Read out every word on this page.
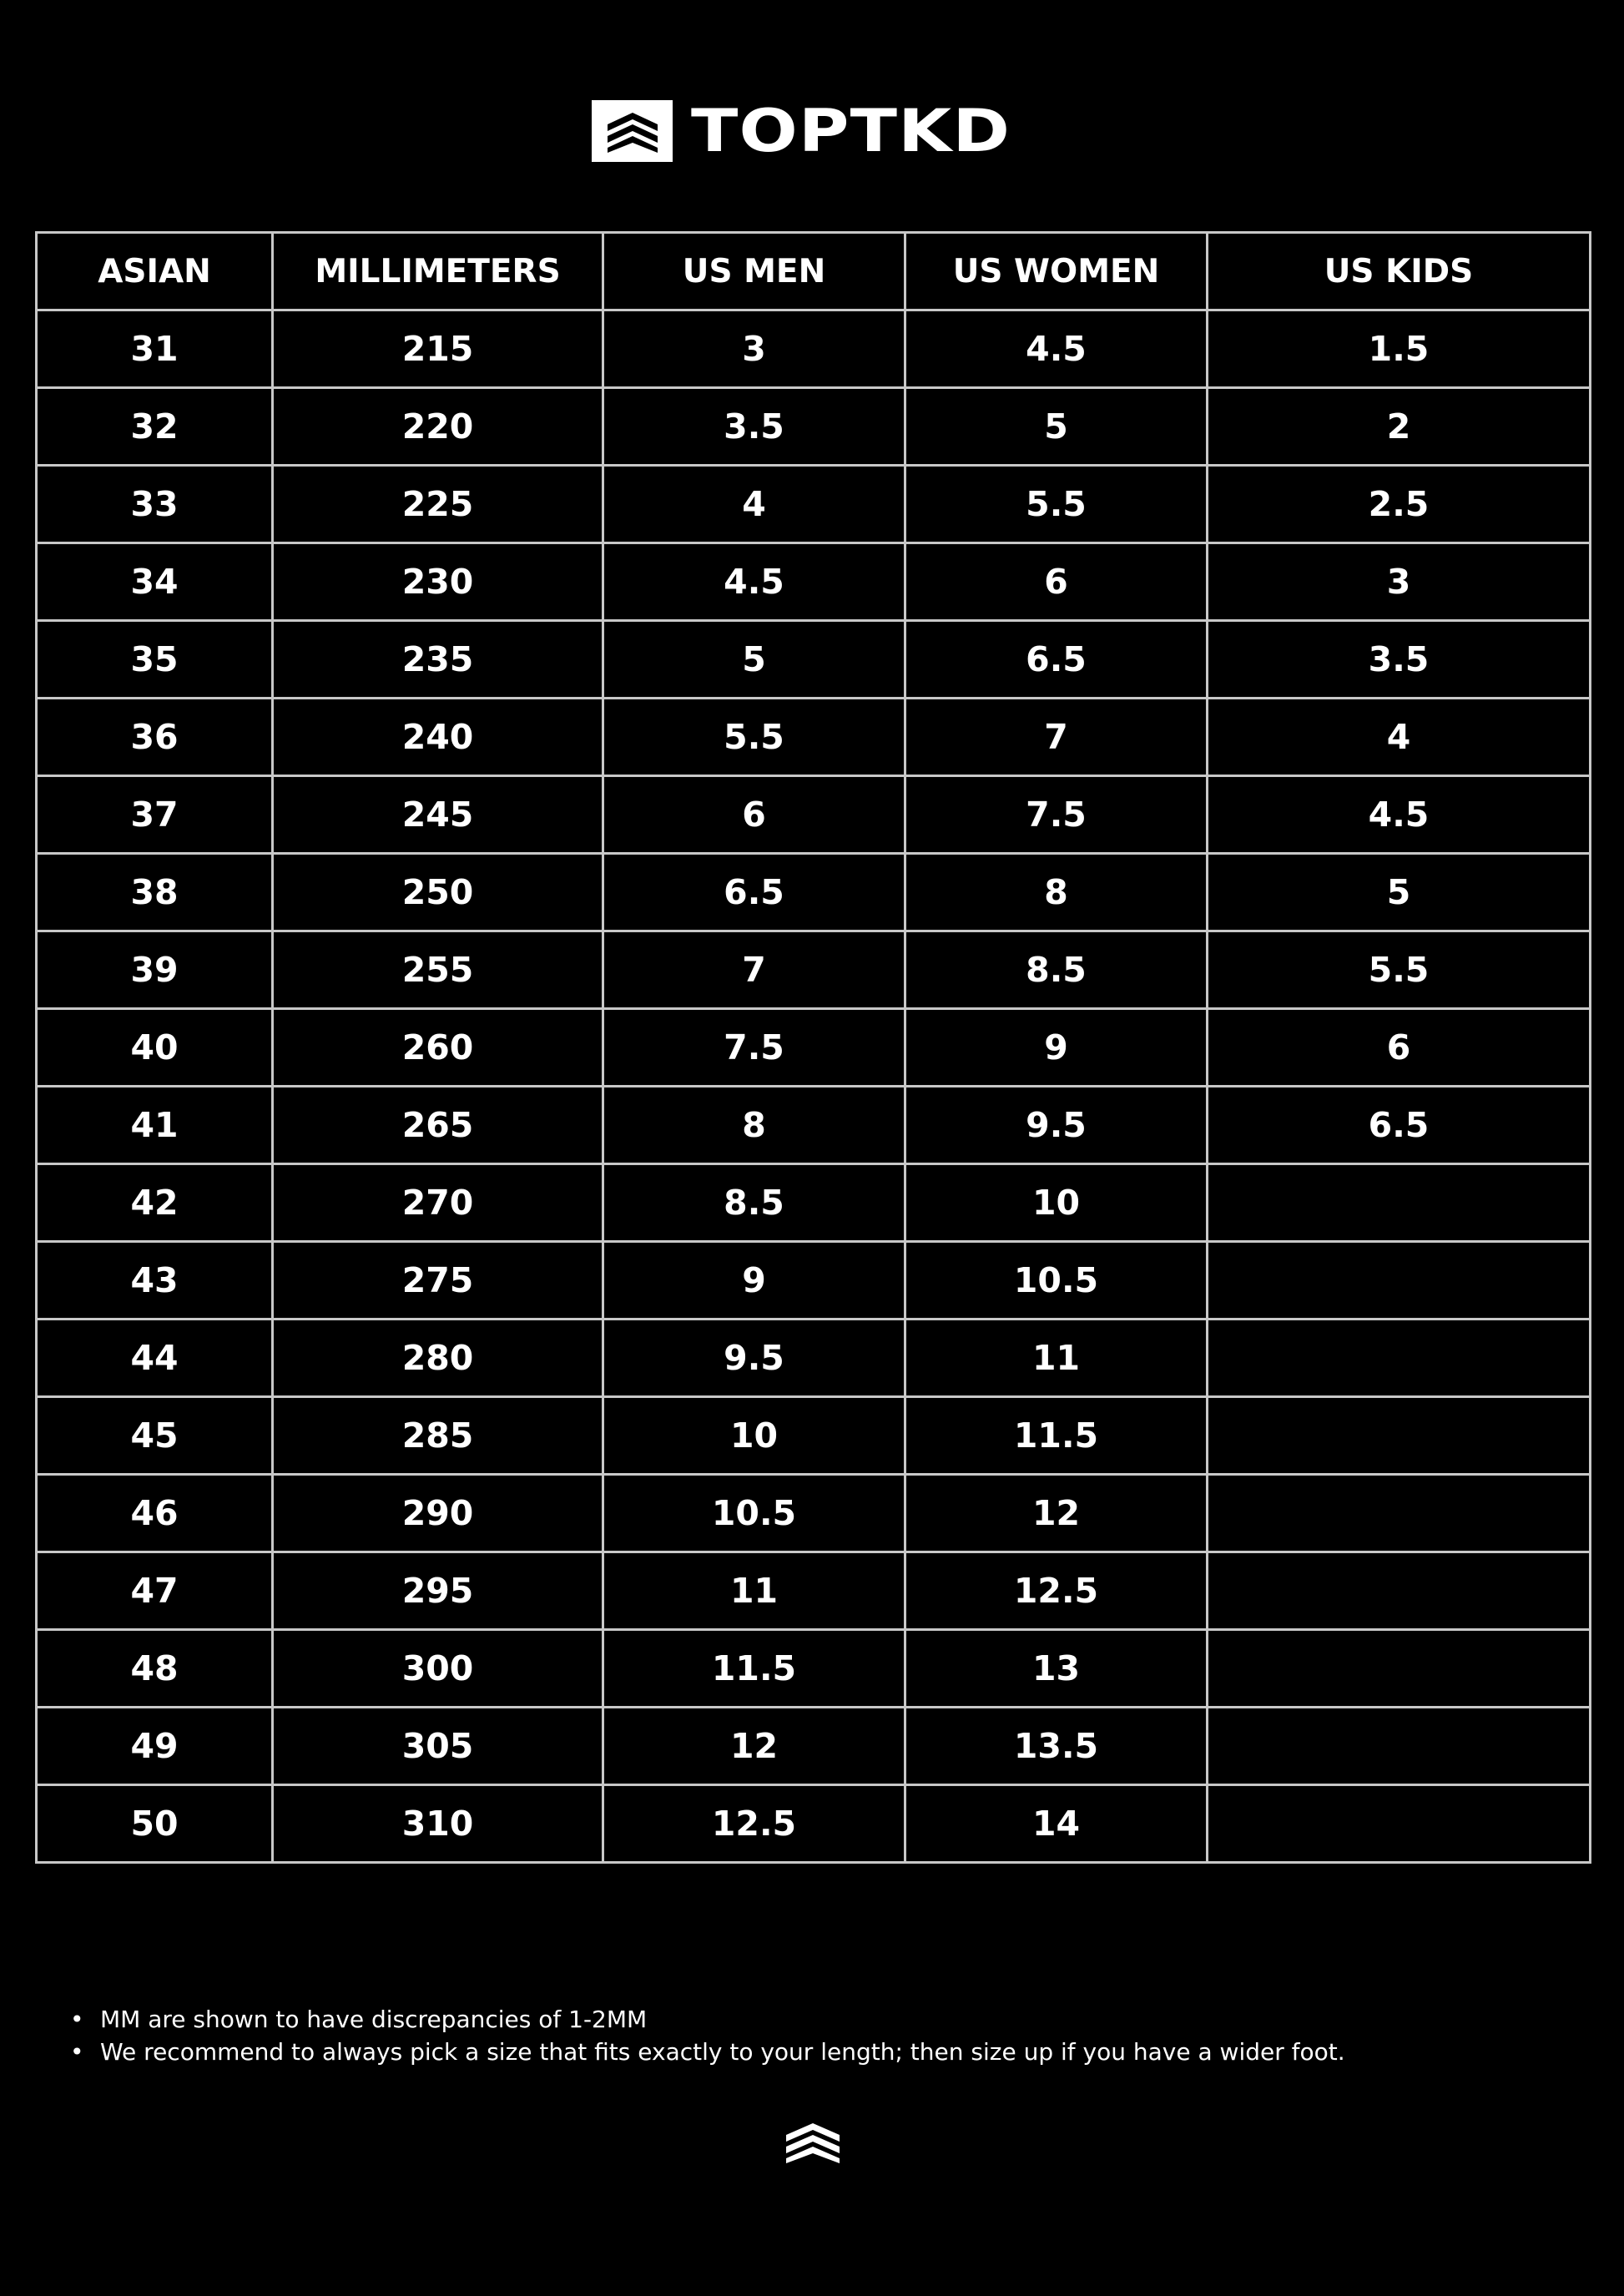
TOPTKD
ASIAN	MILLIMETERS	US MEN	US WOMEN	US KIDS
31	215	3	4.5	1.5
32	220	3.5	5	2
33	225	4	5.5	2.5
34	230	4.5	6	3
35	235	5	6.5	3.5
36	240	5.5	7	4
37	245	6	7.5	4.5
38	250	6.5	8	5
39	255	7	8.5	5.5
40	260	7.5	9	6
41	265	8	9.5	6.5
42	270	8.5	10	
43	275	9	10.5	
44	280	9.5	11	
45	285	10	11.5	
46	290	10.5	12	
47	295	11	12.5	
48	300	11.5	13	
49	305	12	13.5	
50	310	12.5	14	
• MM are shown to have discrepancies of 1-2MM
• We recommend to always pick a size that fits exactly to your length; then size up if you have a wider foot.
